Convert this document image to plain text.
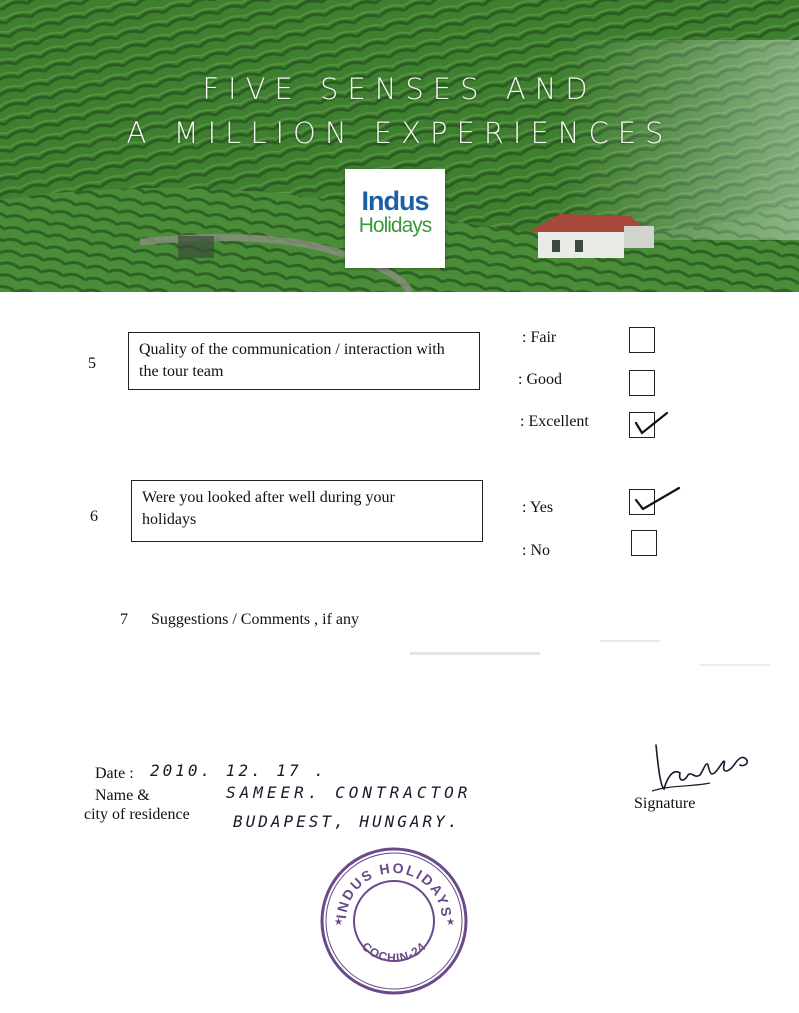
FIVE SENSES AND
A MILLION EXPERIENCES
Indus
Holidays
5
Quality of the communication / interaction with the tour team
: Fair
: Good
: Excellent
6
Were you looked after well during your holidays
: Yes
: No
7 Suggestions / Comments , if any
Date : 2010. 12. 17 .
Name &	SAMEER. CONTRACTOR
city of residence	BUDAPEST, HUNGARY.
Signature
INDUS HOLIDAYS
COCHIN-24
★	★
